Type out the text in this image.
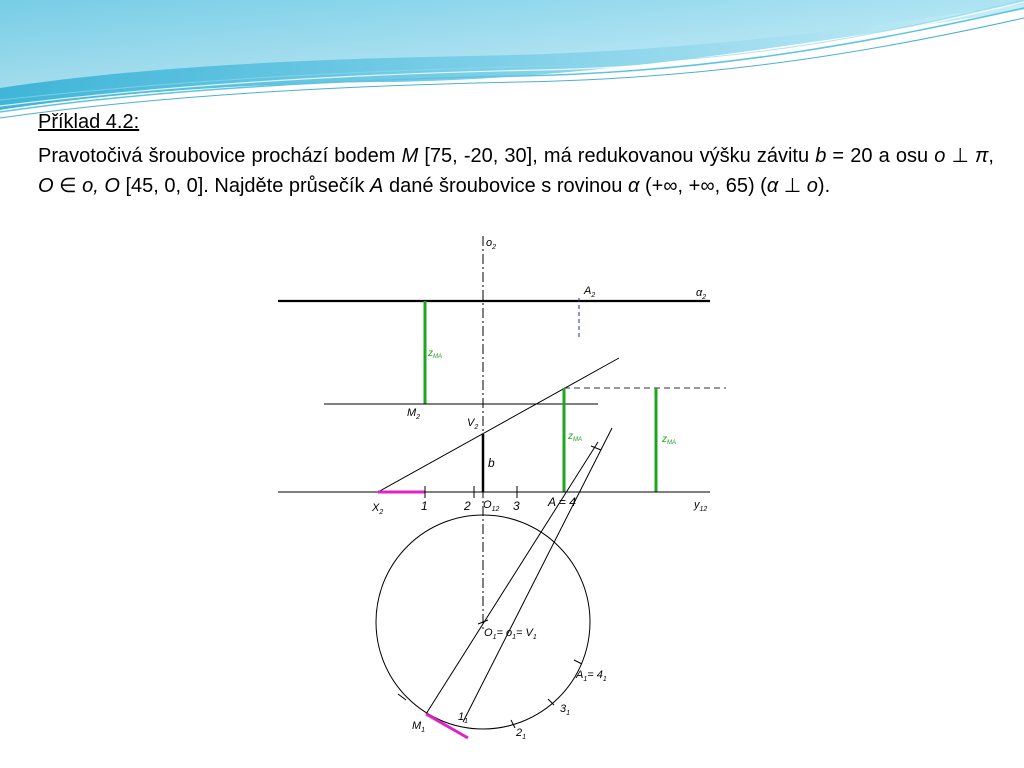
Příklad 4.2:

Pravotočivá šroubovice prochází bodem M [75, -20, 30], má redukovanou výšku závitu b = 20 a osu o ⊥ π, O ∈ o, O [45, 0, 0]. Najděte průsečík A dané šroubovice s rovinou α (+∞, +∞, 65) (α ⊥ o).

$o_2$
$A_2$	$\alpha_2$
$z_{MA}$
$z_{MA}$	$z_{MA}$
$M_2$	$V_2$
b
$X_2$	1	2 $O_{12}$ 3 A = 4	$y_{12}$
$O_1= o_1= V_1$
$A_1= 4_1$
$1_1$
$3_1$
$M_1$	$2_1$
